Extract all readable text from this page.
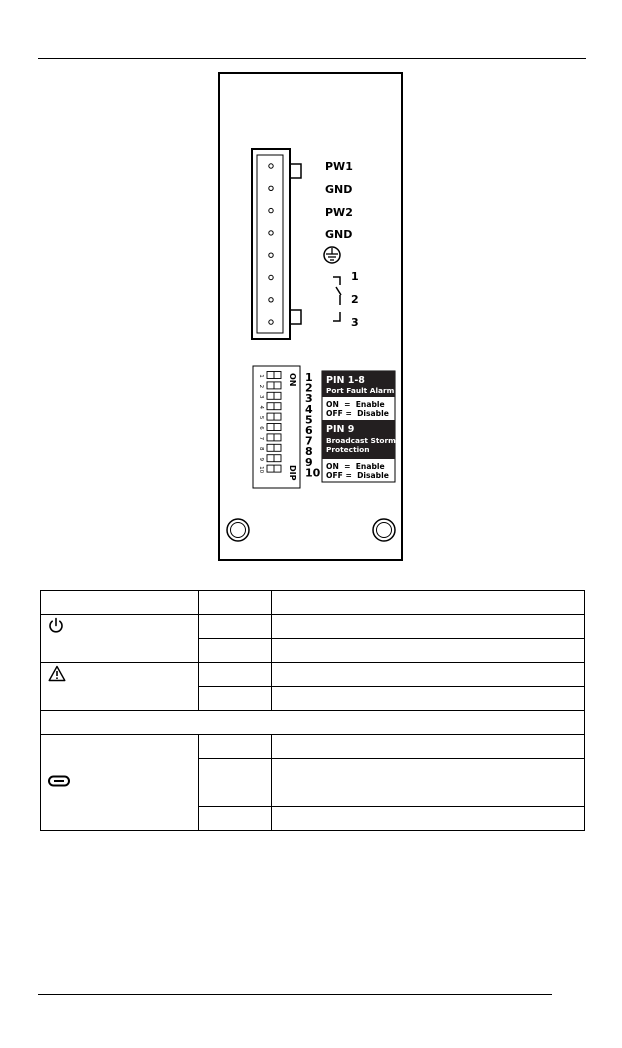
PW1
GND
PW2
GND
1
2
3
1
2
3
4
5
6
7
8
9
10
ON
DIP
1
2
3
4
5
6
7
8
9
10
PIN 1-8
Port Fault Alarm
ON  =  Enable
OFF =  Disable
PIN 9
Broadcast Storm
Protection
ON  =  Enable
OFF =  Disable
